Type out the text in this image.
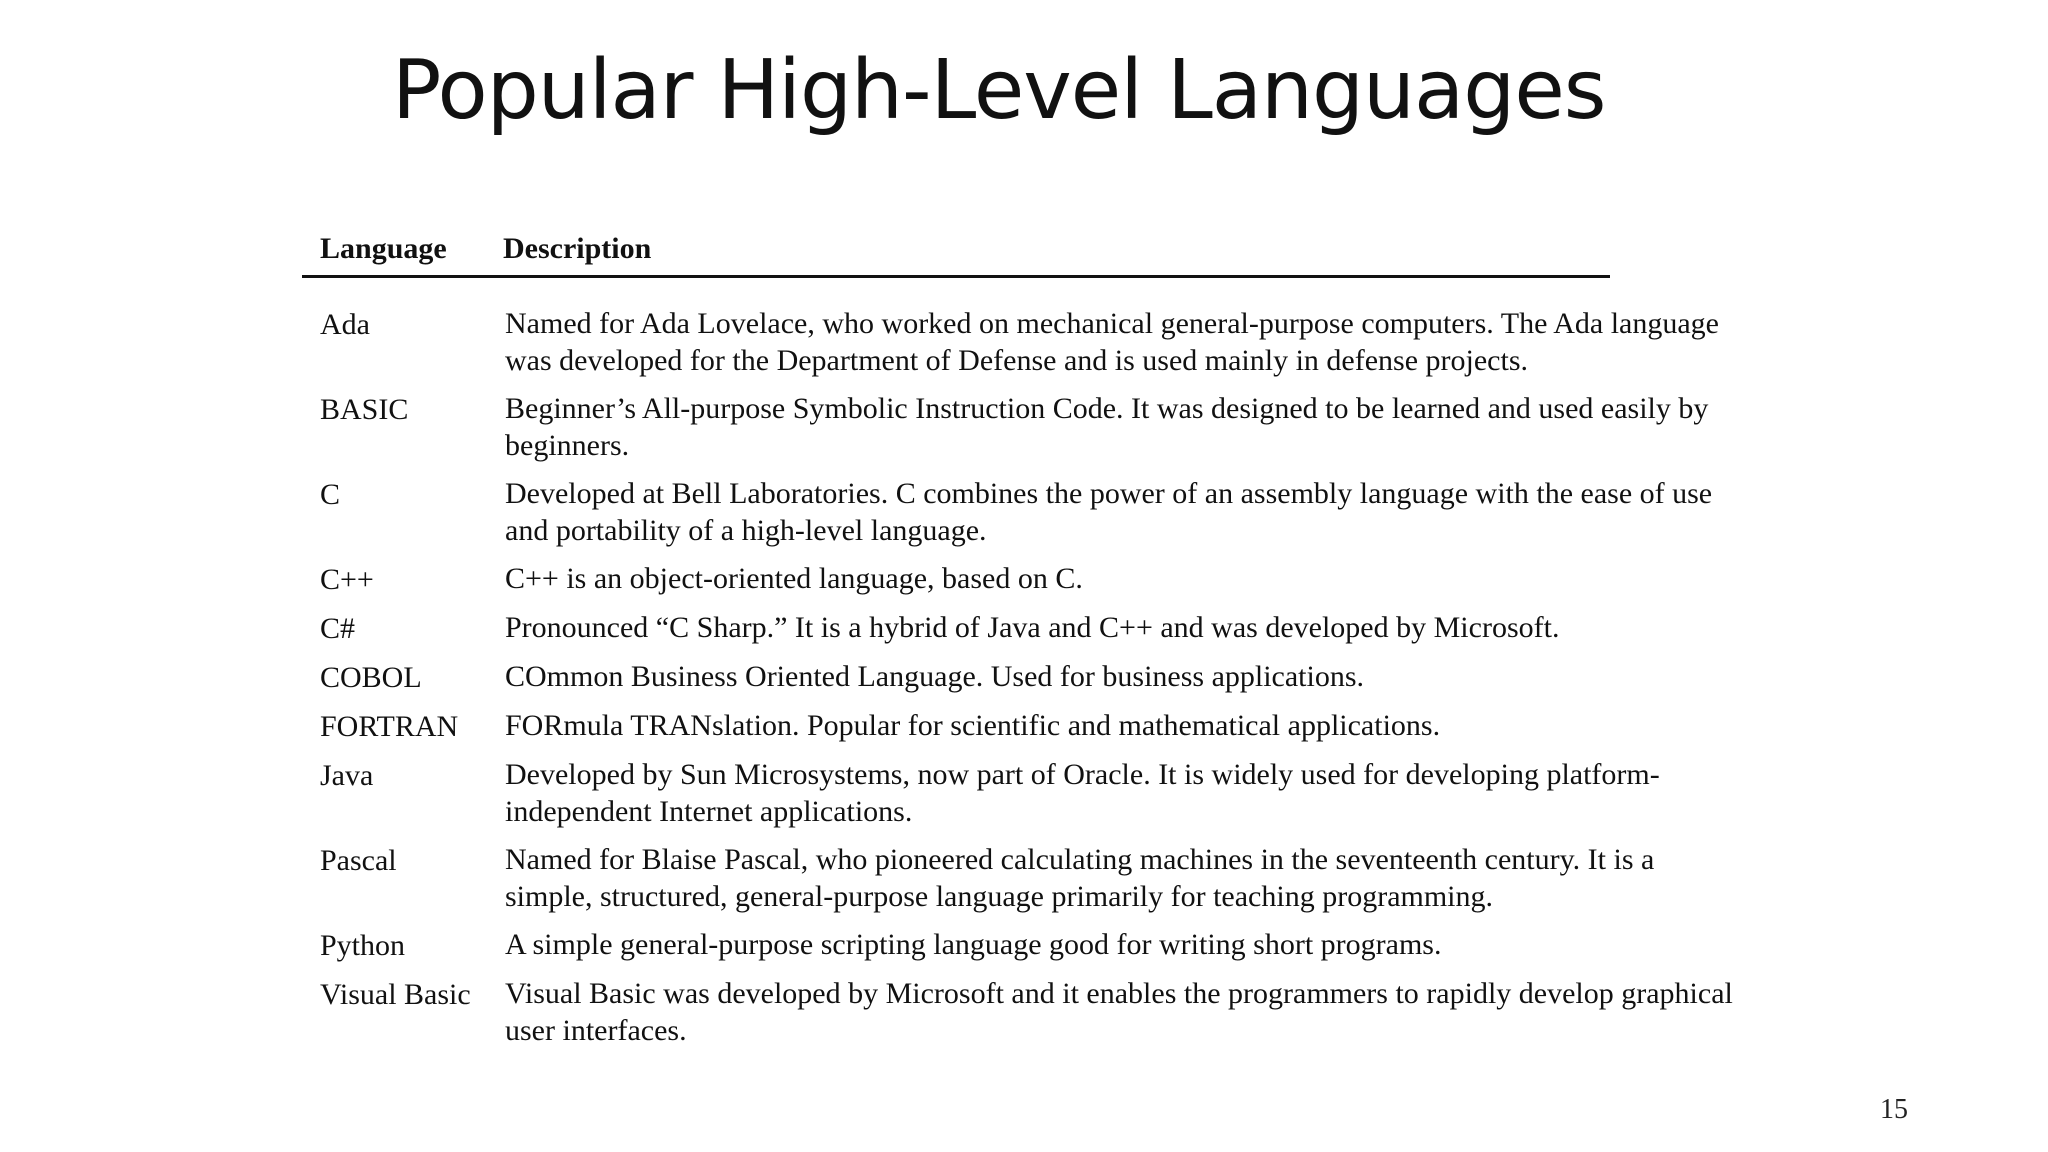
Popular High-Level Languages
Language Description
Ada	Named for Ada Lovelace, who worked on mechanical general-purpose computers. The Ada language was developed for the Department of Defense and is used mainly in defense projects.
BASIC	Beginner’s All-purpose Symbolic Instruction Code. It was designed to be learned and used easily by beginners.
C	Developed at Bell Laboratories. C combines the power of an assembly language with the ease of use and portability of a high-level language.
C++	C++ is an object-oriented language, based on C.
C#	Pronounced “C Sharp.” It is a hybrid of Java and C++ and was developed by Microsoft.
COBOL	COmmon Business Oriented Language. Used for business applications.
FORTRAN	FORmula TRANslation. Popular for scientific and mathematical applications.
Java	Developed by Sun Microsystems, now part of Oracle. It is widely used for developing platform-independent Internet applications.
Pascal	Named for Blaise Pascal, who pioneered calculating machines in the seventeenth century. It is a simple, structured, general-purpose language primarily for teaching programming.
Python	A simple general-purpose scripting language good for writing short programs.
Visual Basic	Visual Basic was developed by Microsoft and it enables the programmers to rapidly develop graphical user interfaces.
15
